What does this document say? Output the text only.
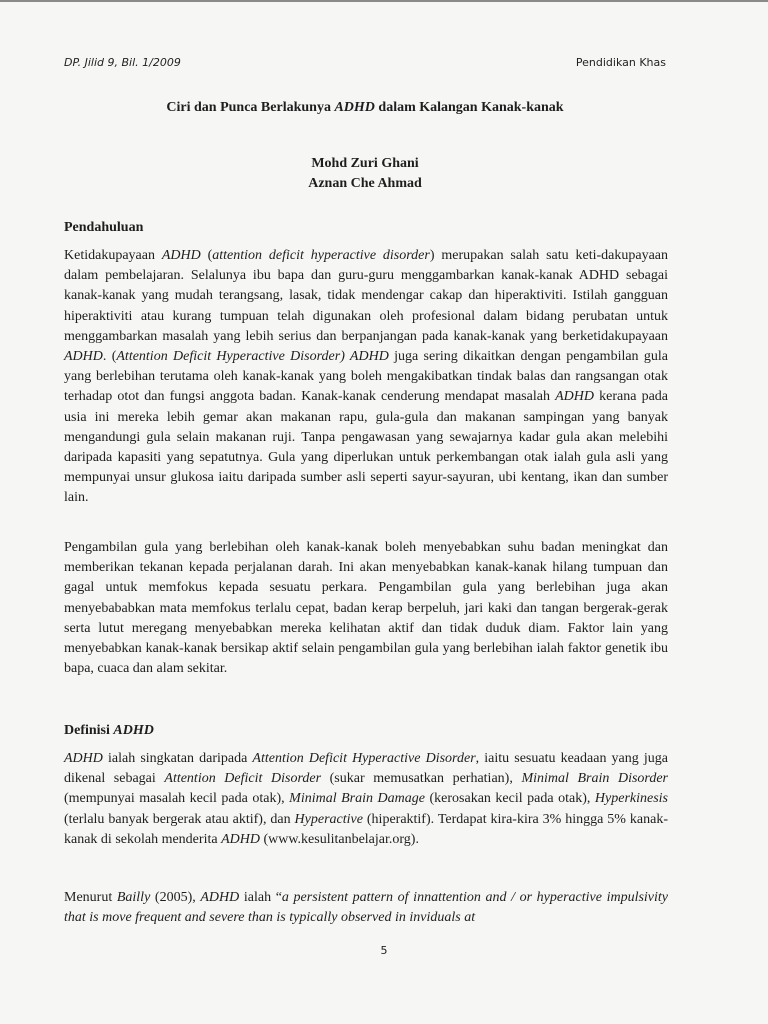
DP. Jilid 9, Bil. 1/2009	Pendidikan Khas
Ciri dan Punca Berlakunya ADHD dalam Kalangan Kanak-kanak
Mohd Zuri Ghani
Aznan Che Ahmad
Pendahuluan

Ketidakupayaan ADHD (attention deficit hyperactive disorder) merupakan salah satu keti-dakupayaan dalam pembelajaran. Selalunya ibu bapa dan guru-guru menggambarkan kanak-kanak ADHD sebagai kanak-kanak yang mudah terangsang, lasak, tidak mendengar cakap dan hiperaktiviti. Istilah gangguan hiperaktiviti atau kurang tumpuan telah digunakan oleh profesional dalam bidang perubatan untuk menggambarkan masalah yang lebih serius dan berpanjangan pada kanak-kanak yang berketidakupayaan ADHD. (Attention Deficit Hyperactive Disorder) ADHD juga sering dikaitkan dengan pengambilan gula yang berlebihan terutama oleh kanak-kanak yang boleh mengakibatkan tindak balas dan rangsangan otak terhadap otot dan fungsi anggota badan. Kanak-kanak cenderung mendapat masalah ADHD kerana pada usia ini mereka lebih gemar akan makanan rapu, gula-gula dan makanan sampingan yang banyak mengandungi gula selain makanan ruji. Tanpa pengawasan yang sewajarnya kadar gula akan melebihi daripada kapasiti yang sepatutnya. Gula yang diperlukan untuk perkembangan otak ialah gula asli yang mempunyai unsur glukosa iaitu daripada sumber asli seperti sayur-sayuran, ubi kentang, ikan dan sumber lain.

Pengambilan gula yang berlebihan oleh kanak-kanak boleh menyebabkan suhu badan meningkat dan memberikan tekanan kepada perjalanan darah. Ini akan menyebabkan kanak-kanak hilang tumpuan dan gagal untuk memfokus kepada sesuatu perkara. Pengambilan gula yang berlebihan juga akan menyebababkan mata memfokus terlalu cepat, badan kerap berpeluh, jari kaki dan tangan bergerak-gerak serta lutut meregang menyebabkan mereka kelihatan aktif dan tidak duduk diam. Faktor lain yang menyebabkan kanak-kanak bersikap aktif selain pengambilan gula yang berlebihan ialah faktor genetik ibu bapa, cuaca dan alam sekitar.

Definisi ADHD

ADHD ialah singkatan daripada Attention Deficit Hyperactive Disorder, iaitu sesuatu keadaan yang juga dikenal sebagai Attention Deficit Disorder (sukar memusatkan perhatian), Minimal Brain Disorder (mempunyai masalah kecil pada otak), Minimal Brain Damage (kerosakan kecil pada otak), Hyperkinesis (terlalu banyak bergerak atau aktif), dan Hyperactive (hiperaktif). Terdapat kira-kira 3% hingga 5% kanak-kanak di sekolah menderita ADHD (www.kesulitanbelajar.org).

Menurut Bailly (2005), ADHD ialah “a persistent pattern of innattention and / or hyperactive impulsivity that is move frequent and severe than is typically observed in inviduals at

5
